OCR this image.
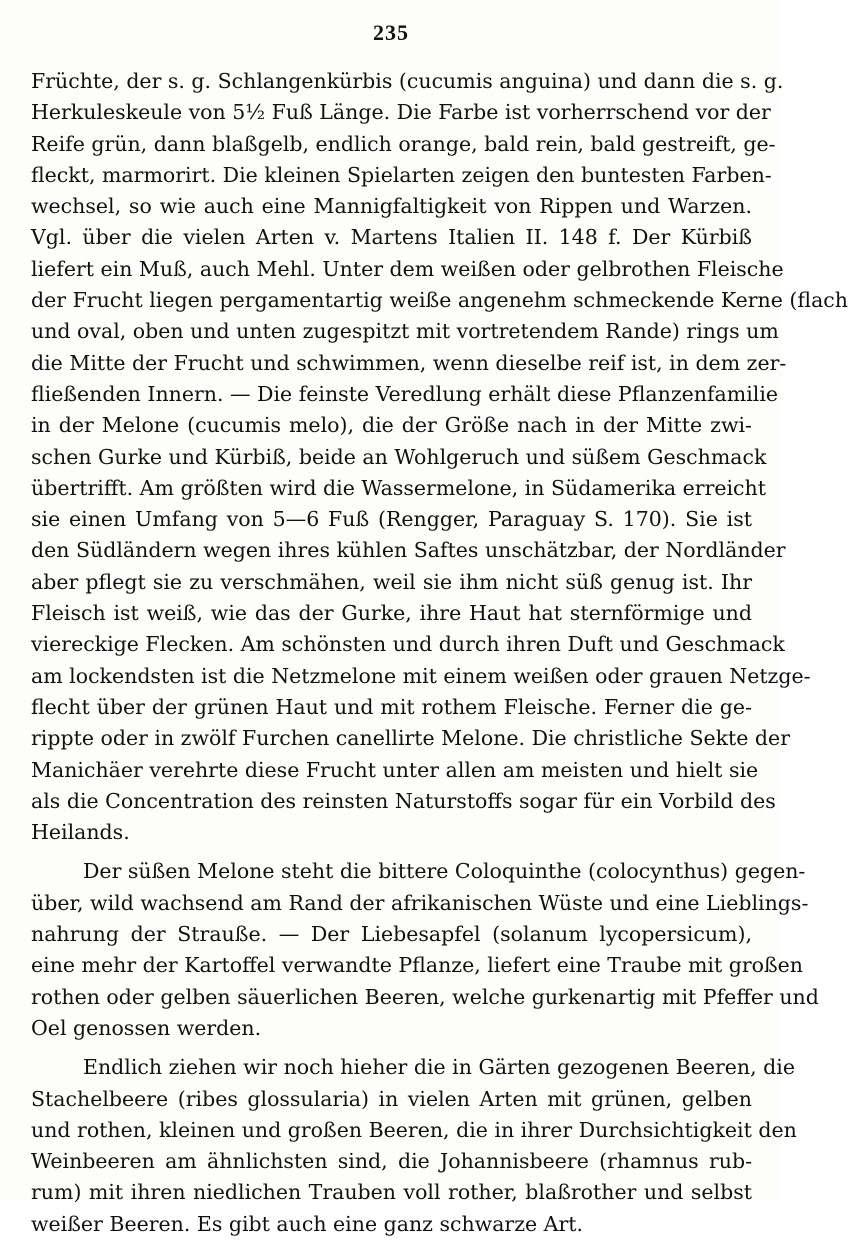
235
Früchte, der s. g. Schlangenkürbis (cucumis anguina) und dann die s. g.
Herkuleskeule von 5½ Fuß Länge. Die Farbe ist vorherrschend vor der
Reife grün, dann blaßgelb, endlich orange, bald rein, bald gestreift, ge-
fleckt, marmorirt. Die kleinen Spielarten zeigen den buntesten Farben-
wechsel, so wie auch eine Mannigfaltigkeit von Rippen und Warzen.
Vgl. über die vielen Arten v. Martens Italien II. 148 f. Der Kürbiß
liefert ein Muß, auch Mehl. Unter dem weißen oder gelbrothen Fleische
der Frucht liegen pergamentartig weiße angenehm schmeckende Kerne (flach
und oval, oben und unten zugespitzt mit vortretendem Rande) rings um
die Mitte der Frucht und schwimmen, wenn dieselbe reif ist, in dem zer-
fließenden Innern. — Die feinste Veredlung erhält diese Pflanzenfamilie
in der Melone (cucumis melo), die der Größe nach in der Mitte zwi-
schen Gurke und Kürbiß, beide an Wohlgeruch und süßem Geschmack
übertrifft. Am größten wird die Wassermelone, in Südamerika erreicht
sie einen Umfang von 5—6 Fuß (Rengger, Paraguay S. 170). Sie ist
den Südländern wegen ihres kühlen Saftes unschätzbar, der Nordländer
aber pflegt sie zu verschmähen, weil sie ihm nicht süß genug ist. Ihr
Fleisch ist weiß, wie das der Gurke, ihre Haut hat sternförmige und
viereckige Flecken. Am schönsten und durch ihren Duft und Geschmack
am lockendsten ist die Netzmelone mit einem weißen oder grauen Netzge-
flecht über der grünen Haut und mit rothem Fleische. Ferner die ge-
rippte oder in zwölf Furchen canellirte Melone. Die christliche Sekte der
Manichäer verehrte diese Frucht unter allen am meisten und hielt sie
als die Concentration des reinsten Naturstoffs sogar für ein Vorbild des
Heilands.
Der süßen Melone steht die bittere Coloquinthe (colocynthus) gegen-
über, wild wachsend am Rand der afrikanischen Wüste und eine Lieblings-
nahrung der Strauße. — Der Liebesapfel (solanum lycopersicum),
eine mehr der Kartoffel verwandte Pflanze, liefert eine Traube mit großen
rothen oder gelben säuerlichen Beeren, welche gurkenartig mit Pfeffer und
Oel genossen werden.
Endlich ziehen wir noch hieher die in Gärten gezogenen Beeren, die
Stachelbeere (ribes glossularia) in vielen Arten mit grünen, gelben
und rothen, kleinen und großen Beeren, die in ihrer Durchsichtigkeit den
Weinbeeren am ähnlichsten sind, die Johannisbeere (rhamnus rub-
rum) mit ihren niedlichen Trauben voll rother, blaßrother und selbst
weißer Beeren. Es gibt auch eine ganz schwarze Art.
